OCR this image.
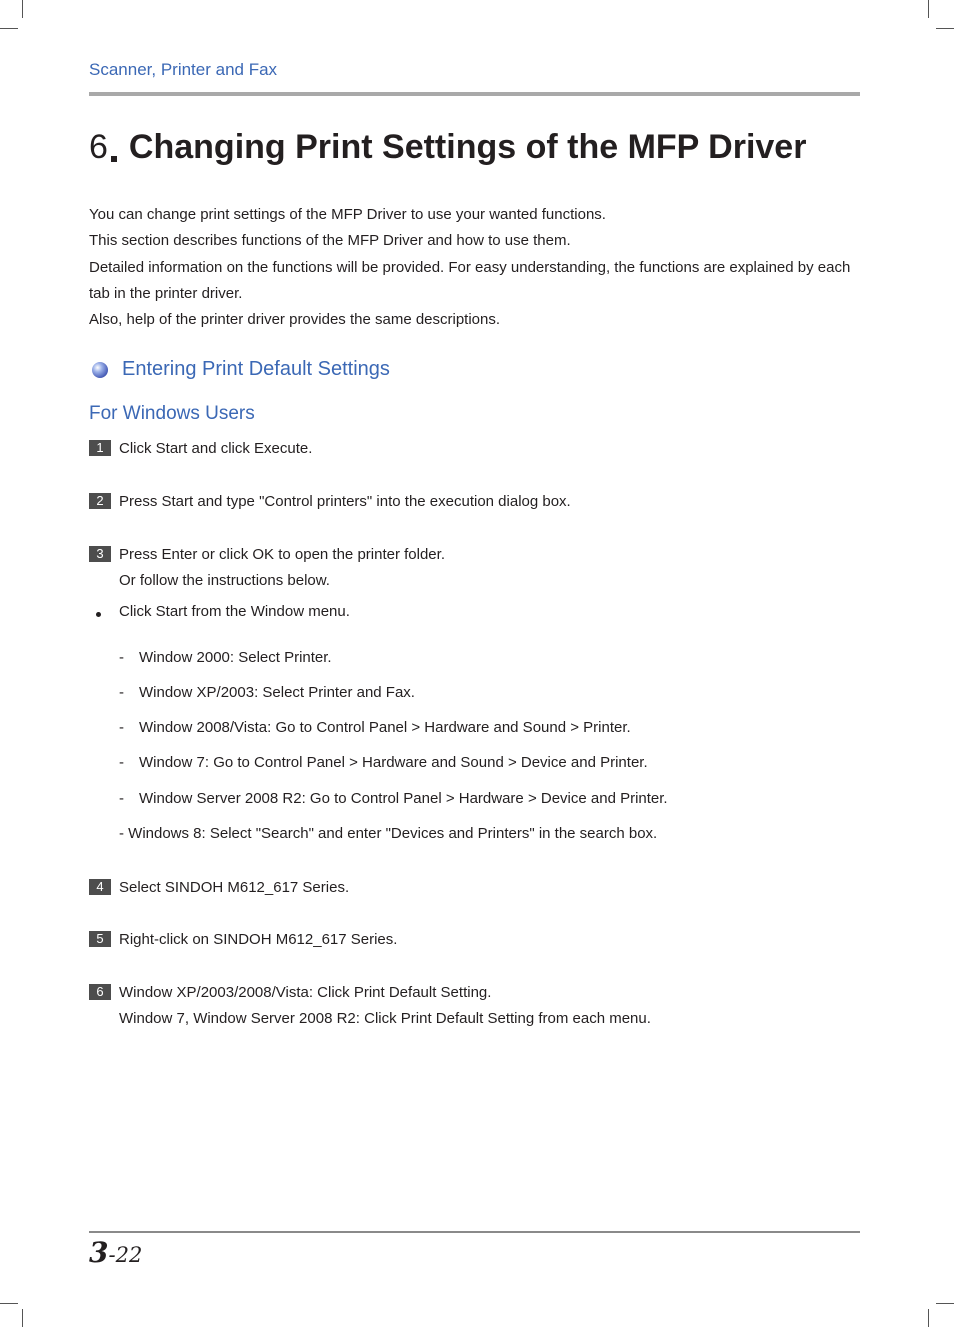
Scanner, Printer and Fax
6 Changing Print Settings of the MFP Driver

You can change print settings of the MFP Driver to use your wanted functions.

This section describes functions of the MFP Driver and how to use them.

Detailed information on the functions will be provided. For easy understanding, the functions are explained by each tab in the printer driver.

Also, help of the printer driver provides the same descriptions.

Entering Print Default Settings
For Windows Users
1	Click Start and click Execute.
2	Press Start and type "Control printers" into the execution dialog box.
3	Press Enter or click OK to open the printer folder.
Or follow the instructions below.
Click Start from the Window menu.
- Window 2000: Select Printer.
- Window XP/2003: Select Printer and Fax.
- Window 2008/Vista: Go to Control Panel > Hardware and Sound > Printer.
- Window 7: Go to Control Panel > Hardware and Sound > Device and Printer.
- Window Server 2008 R2: Go to Control Panel > Hardware > Device and Printer.
- Windows 8: Select "Search" and enter "Devices and Printers" in the search box.
4	Select SINDOH M612_617 Series.
5	Right-click on SINDOH M612_617 Series.
6	Window XP/2003/2008/Vista: Click Print Default Setting.
Window 7, Window Server 2008 R2: Click Print Default Setting from each menu.
3-22
